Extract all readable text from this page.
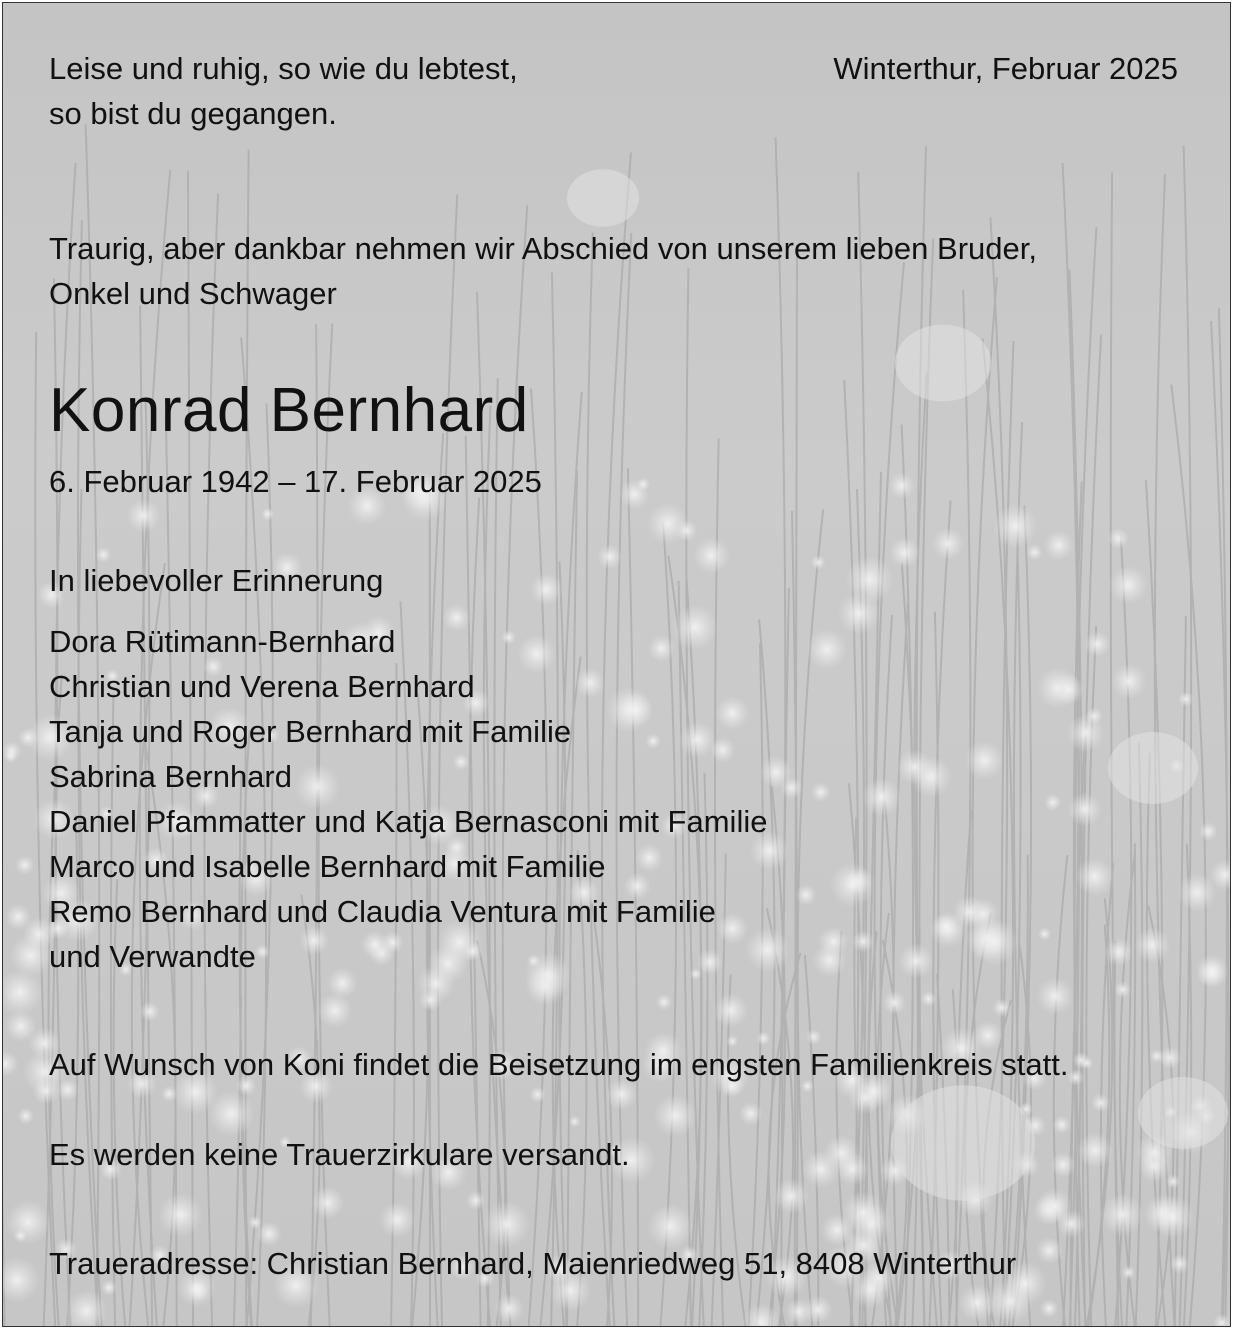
Leise und ruhig, so wie du lebtest,

so bist du gegangen.

Winterthur, Februar 2025

Traurig, aber dankbar nehmen wir Abschied von unserem lieben Bruder,

Onkel und Schwager

Konrad Bernhard

6. Februar 1942 – 17. Februar 2025

In liebevoller Erinnerung

Dora Rütimann-Bernhard
Christian und Verena Bernhard
Tanja und Roger Bernhard mit Familie
Sabrina Bernhard
Daniel Pfammatter und Katja Bernasconi mit Familie
Marco und Isabelle Bernhard mit Familie
Remo Bernhard und Claudia Ventura mit Familie
und Verwandte

Auf Wunsch von Koni findet die Beisetzung im engsten Familienkreis statt.

Es werden keine Trauerzirkulare versandt.

Traueradresse: Christian Bernhard, Maienriedweg 51, 8408 Winterthur
